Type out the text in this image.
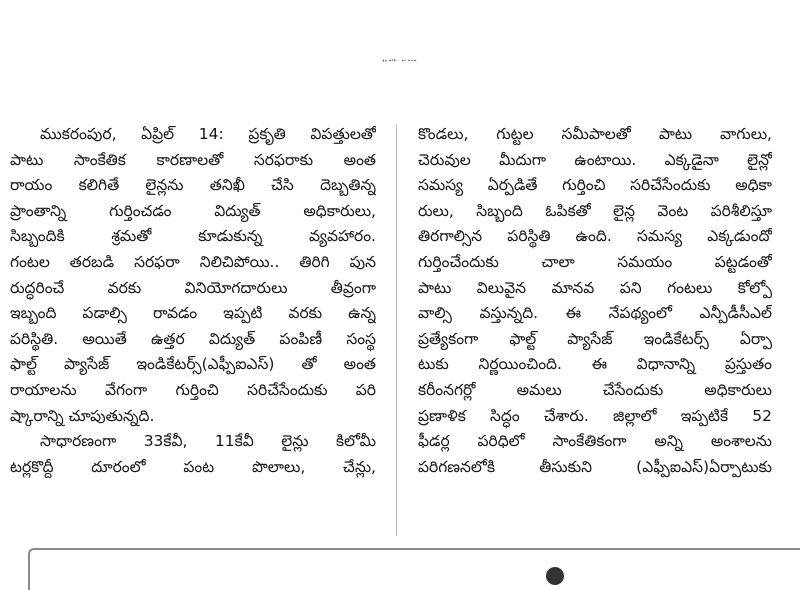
లైన్ల తనిఖీ.. ఇక సులువు
ముకరంపుర, ఏప్రిల్ 14: ప్రకృతి విపత్తులతో
పాటు సాంకేతిక కారణాలతో సరఫరాకు అంత
రాయం కలిగితే లైన్లను తనిఖీ చేసి దెబ్బతిన్న
ప్రాంతాన్ని గుర్తించడం విద్యుత్ అధికారులు,
సిబ్బందికి శ్రమతో కూడుకున్న వ్యవహారం.
గంటల తరబడి సరఫరా నిలిచిపోయి.. తిరిగి పున
రుద్ధరించే వరకు వినియోగదారులు తీవ్రంగా
ఇబ్బంది పడాల్సి రావడం ఇప్పటి వరకు ఉన్న
పరిస్థితి. అయితే ఉత్తర విద్యుత్ పంపిణీ సంస్థ
ఫాల్ట్ ప్యాసేజ్ ఇండికేటర్స్(ఎఫ్పీఐఎస్) తో అంత
రాయాలను వేగంగా గుర్తించి సరిచేసేందుకు పరి
ష్కారాన్ని చూపుతున్నది.
సాధారణంగా 33కేవీ, 11కేవీ లైన్లు కిలోమీ
టర్లకొద్దీ దూరంలో పంట పొలాలు, చేన్లు,
కొండలు, గుట్టల సమీపాలతో పాటు వాగులు,
చెరువుల మీదుగా ఉంటాయి. ఎక్కడైనా లైన్లో
సమస్య ఏర్పడితే గుర్తించి సరిచేసేందుకు అధికా
రులు, సిబ్బంది ఓపికతో లైన్ల వెంట పరిశీలిస్తూ
తిరగాల్సిన పరిస్థితి ఉంది. సమస్య ఎక్కడుందో
గుర్తించేందుకు చాలా సమయం పట్టడంతో
పాటు విలువైన మానవ పని గంటలు కోల్పో
వాల్సి వస్తున్నది. ఈ నేపథ్యంలో ఎన్పీడీసీఎల్
ప్రత్యేకంగా ఫాల్ట్ ప్యాసేజ్ ఇండికేటర్స్ ఏర్పా
టుకు నిర్ణయించింది. ఈ విధానాన్ని ప్రస్తుతం
కరీంనగర్లో అమలు చేసేందుకు అధికారులు
ప్రణాళిక సిద్ధం చేశారు. జిల్లాలో ఇప్పటికే 52
ఫీడర్ల పరిధిలో సాంకేతికంగా అన్ని అంశాలను
పరిగణనలోకి తీసుకుని (ఎఫ్పీఐఎస్)ఏర్పాటుకు
